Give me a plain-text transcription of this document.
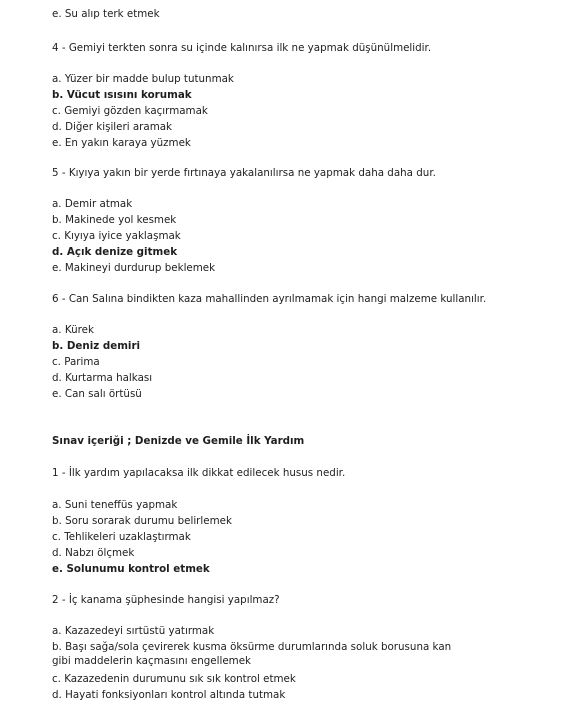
e. Su alıp terk etmek
4 - Gemiyi terkten sonra su içinde kalınırsa ilk ne yapmak düşünülmelidir.
a. Yüzer bir madde bulup tutunmak
b. Vücut ısısını korumak
c. Gemiyi gözden kaçırmamak
d. Diğer kişileri aramak
e. En yakın karaya yüzmek
5 - Kıyıya yakın bir yerde fırtınaya yakalanılırsa ne yapmak daha daha dur.
a. Demir atmak
b. Makinede yol kesmek
c. Kıyıya iyice yaklaşmak
d. Açık denize gitmek
e. Makineyi durdurup beklemek
6 - Can Salına bindikten kaza mahallinden ayrılmamak için hangi malzeme kullanılır.
a. Kürek
b. Deniz demiri
c. Parima
d. Kurtarma halkası
e. Can salı örtüsü
Sınav içeriği ; Denizde ve Gemile İlk Yardım
1 - İlk yardım yapılacaksa ilk dikkat edilecek husus nedir.
a. Suni teneffüs yapmak
b. Soru sorarak durumu belirlemek
c. Tehlikeleri uzaklaştırmak
d. Nabzı ölçmek
e. Solunumu kontrol etmek
2 - İç kanama şüphesinde hangisi yapılmaz?
a. Kazazedeyi sırtüstü yatırmak
b. Başı sağa/sola çevirerek kusma öksürme durumlarında soluk borusuna kan gibi maddelerin kaçmasını engellemek
c. Kazazedenin durumunu sık sık kontrol etmek
d. Hayati fonksiyonları kontrol altında tutmak
